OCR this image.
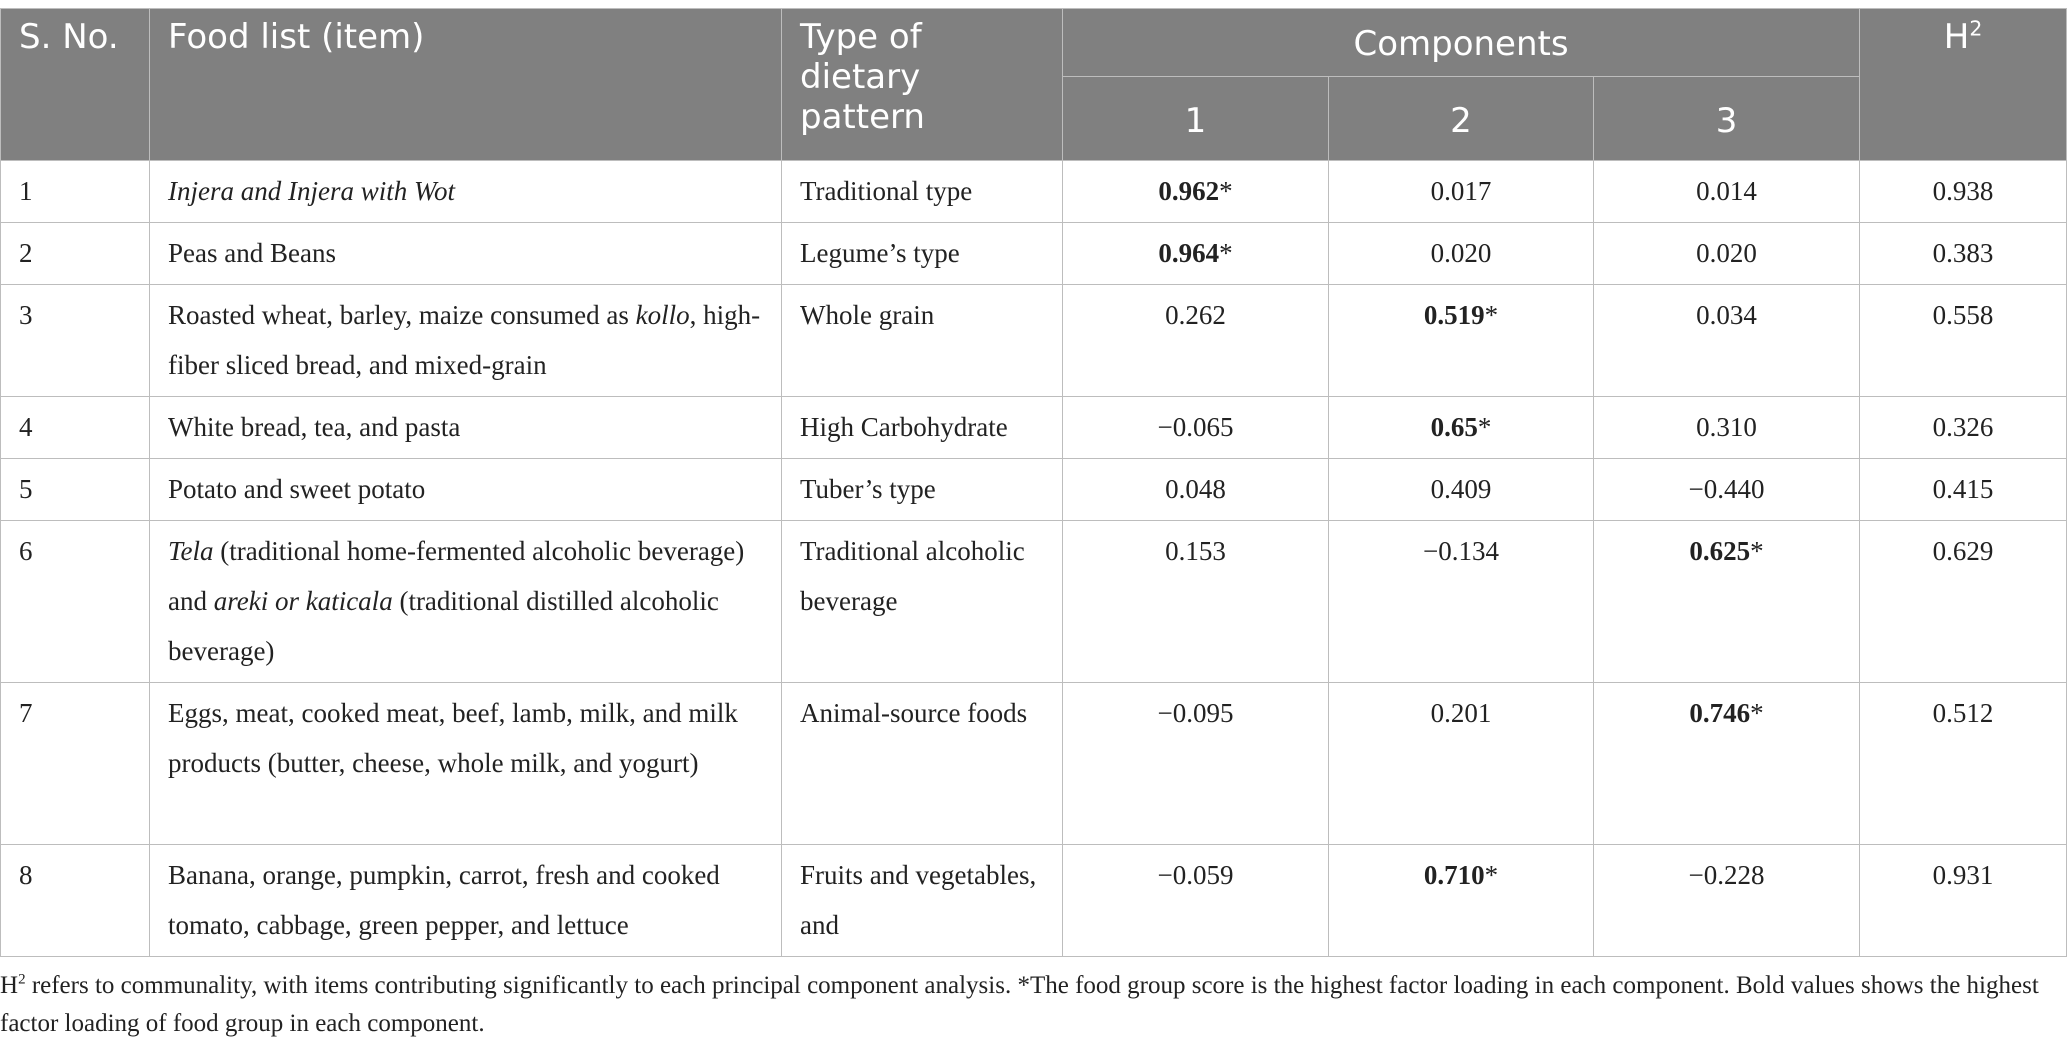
S. No.	Food list (item)	Type of dietary pattern	Components			$H^2$
			1	2	3	
1	Injera and Injera with Wot	Traditional type	0.962*	0.017	0.014	0.938
2	Peas and Beans	Legume’s type	0.964*	0.020	0.020	0.383
3	Roasted wheat, barley, maize consumed as kollo, high-fiber sliced bread, and mixed-grain	Whole grain	0.262	0.519*	0.034	0.558
4	White bread, tea, and pasta	High Carbohydrate	−0.065	0.65*	0.310	0.326
5	Potato and sweet potato	Tuber’s type	0.048	0.409	−0.440	0.415
6	Tela (traditional home-fermented alcoholic beverage) and areki or katicala (traditional distilled alcoholic beverage)	Traditional alcoholic beverage	0.153	−0.134	0.625*	0.629
7	Eggs, meat, cooked meat, beef, lamb, milk, and milk products (butter, cheese, whole milk, and yogurt)	Animal-source foods	−0.095	0.201	0.746*	0.512
8	Banana, orange, pumpkin, carrot, fresh and cooked tomato, cabbage, green pepper, and lettuce	Fruits and vegetables, and	−0.059	0.710*	−0.228	0.931
$H^2$ refers to communality, with items contributing significantly to each principal component analysis. *The food group score is the highest factor loading in each component. Bold values shows the highest factor loading of food group in each component.
